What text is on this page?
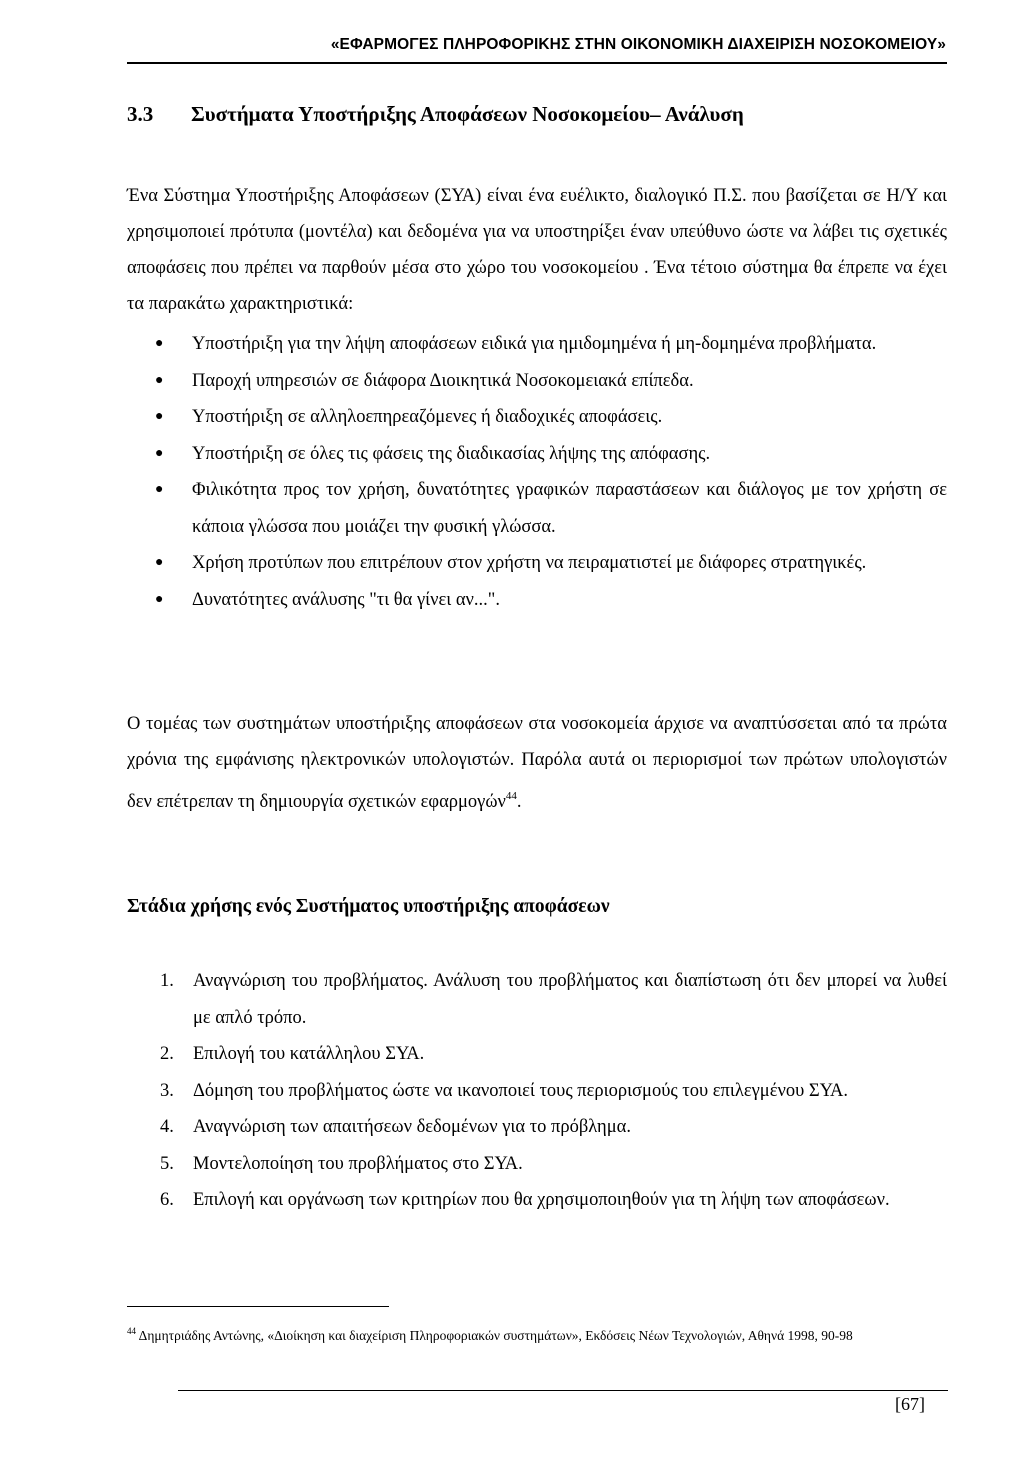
«ΕΦΑΡΜΟΓΕΣ ΠΛΗΡΟΦΟΡΙΚΗΣ ΣΤΗΝ ΟΙΚΟΝΟΜΙΚΗ ΔΙΑΧΕΙΡΙΣΗ ΝΟΣΟΚΟΜΕΙΟΥ»
3.3 Συστήματα Υποστήριξης Αποφάσεων Νοσοκομείου– Ανάλυση
Ένα Σύστημα Υποστήριξης Αποφάσεων (ΣΥΑ) είναι ένα ευέλικτο, διαλογικό Π.Σ. που βασίζεται σε Η/Υ και χρησιμοποιεί πρότυπα (μοντέλα) και δεδομένα για να υποστηρίξει έναν υπεύθυνο ώστε να λάβει τις σχετικές αποφάσεις που πρέπει να παρθούν μέσα στο χώρο του νοσοκομείου . Ένα τέτοιο σύστημα θα έπρεπε να έχει τα παρακάτω χαρακτηριστικά:
● Υποστήριξη για την λήψη αποφάσεων ειδικά για ημιδομημένα ή μη-δομημένα προβλήματα.
● Παροχή υπηρεσιών σε διάφορα Διοικητικά Νοσοκομειακά επίπεδα.
● Υποστήριξη σε αλληλοεπηρεαζόμενες ή διαδοχικές αποφάσεις.
● Υποστήριξη σε όλες τις φάσεις της διαδικασίας λήψης της απόφασης.
● Φιλικότητα προς τον χρήση, δυνατότητες γραφικών παραστάσεων και διάλογος με τον χρήστη σε κάποια γλώσσα που μοιάζει την φυσική γλώσσα.
● Χρήση προτύπων που επιτρέπουν στον χρήστη να πειραματιστεί με διάφορες στρατηγικές.
● Δυνατότητες ανάλυσης "τι θα γίνει αν...".
Ο τομέας των συστημάτων υποστήριξης αποφάσεων στα νοσοκομεία άρχισε να αναπτύσσεται από τα πρώτα χρόνια της εμφάνισης ηλεκτρονικών υπολογιστών. Παρόλα αυτά οι περιορισμοί των πρώτων υπολογιστών δεν επέτρεπαν τη δημιουργία σχετικών εφαρμογών$^{44}$.
Στάδια χρήσης ενός Συστήματος υποστήριξης αποφάσεων
1. Αναγνώριση του προβλήματος. Ανάλυση του προβλήματος και διαπίστωση ότι δεν μπορεί να λυθεί με απλό τρόπο.
2. Επιλογή του κατάλληλου ΣΥΑ.
3. Δόμηση του προβλήματος ώστε να ικανοποιεί τους περιορισμούς του επιλεγμένου ΣΥΑ.
4. Αναγνώριση των απαιτήσεων δεδομένων για το πρόβλημα.
5. Μοντελοποίηση του προβλήματος στο ΣΥΑ.
6. Επιλογή και οργάνωση των κριτηρίων που θα χρησιμοποιηθούν για τη λήψη των αποφάσεων.
$^{44}$ Δημητριάδης Αντώνης, «Διοίκηση και διαχείριση Πληροφοριακών συστημάτων», Εκδόσεις Νέων Τεχνολογιών, Αθηνά 1998, 90-98
[67]
